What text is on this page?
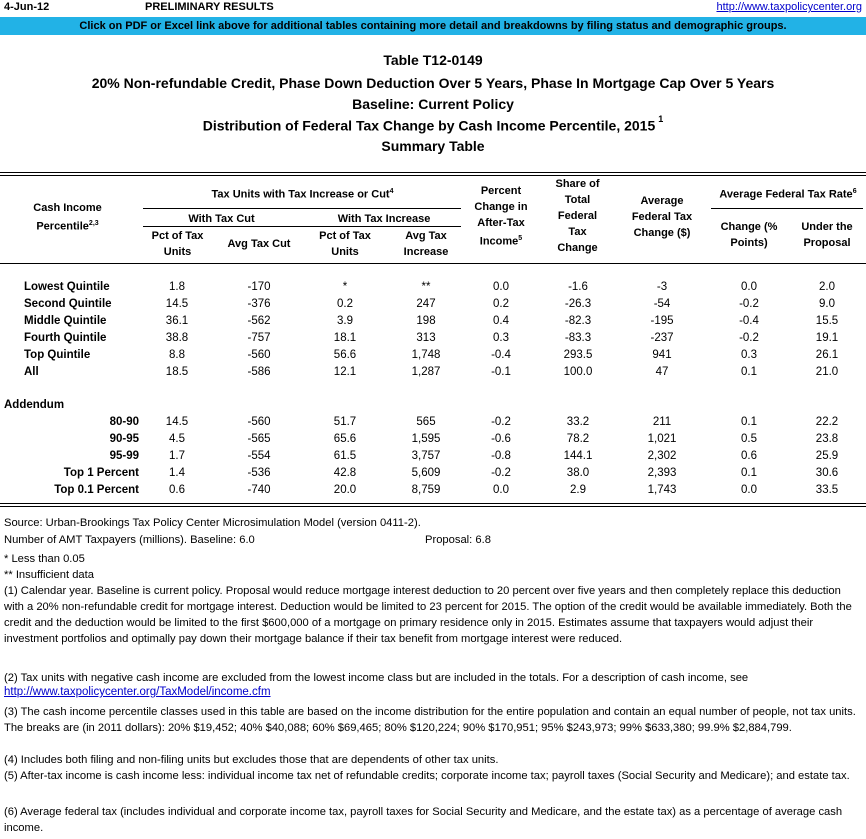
4-Jun-12	PRELIMINARY RESULTS	http://www.taxpolicycenter.org
Click on PDF or Excel link above for additional tables containing more detail and breakdowns by filing status and demographic groups.
Table T12-0149
20% Non-refundable Credit, Phase Down Deduction Over 5 Years, Phase In Mortgage Cap Over 5 Years
Baseline: Current Policy
Distribution of Federal Tax Change by Cash Income Percentile, 2015 $^1$
Summary Table
Cash Income
Percentile$^{2,3}$
Tax Units with Tax Increase or Cut$^4$
With Tax Cut	With Tax Increase
Pct of Tax
Units
Avg Tax Cut
Pct of Tax
Units
Avg Tax
Increase
Percent
Change in
After-Tax
Income$^5$
Share of
Total
Federal
Tax
Change
Average
Federal Tax
Change ($)
Average Federal Tax Rate$^6$
Change (%
Points)
Under the
Proposal
Lowest Quintile	1.8	-170	*	**	0.0	-1.6	-3	0.0	2.0
Second Quintile	14.5	-376	0.2	247	0.2	-26.3	-54	-0.2	9.0
Middle Quintile	36.1	-562	3.9	198	0.4	-82.3	-195	-0.4	15.5
Fourth Quintile	38.8	-757	18.1	313	0.3	-83.3	-237	-0.2	19.1
Top Quintile	8.8	-560	56.6	1,748	-0.4	293.5	941	0.3	26.1
All	18.5	-586	12.1	1,287	-0.1	100.0	47	0.1	21.0
80-90	14.5	-560	51.7	565	-0.2	33.2	211	0.1	22.2
90-95	4.5	-565	65.6	1,595	-0.6	78.2	1,021	0.5	23.8
95-99	1.7	-554	61.5	3,757	-0.8	144.1	2,302	0.6	25.9
Top 1 Percent	1.4	-536	42.8	5,609	-0.2	38.0	2,393	0.1	30.6
Top 0.1 Percent	0.6	-740	20.0	8,759	0.0	2.9	1,743	0.0	33.5
Addendum
Source: Urban-Brookings Tax Policy Center Microsimulation Model (version 0411-2).
Number of AMT Taxpayers (millions). Baseline: 6.0	Proposal: 6.8
* Less than 0.05
** Insufficient data
(1) Calendar year. Baseline is current policy. Proposal would reduce mortgage interest deduction to 20 percent over five years and then completely replace this deduction with a 20% non-refundable credit for mortgage interest. Deduction would be limited to 23 percent for 2015. The option of the credit would be available immediately. Both the credit and the deduction would be limited to the first $600,000 of a mortgage on primary residence only in 2015. Estimates assume that taxpayers would adjust their investment portfolios and optimally pay down their mortgage balance if their tax benefit from mortgage interest were reduced.
(2) Tax units with negative cash income are excluded from the lowest income class but are included in the totals. For a description of cash income, see
http://www.taxpolicycenter.org/TaxModel/income.cfm
(3) The cash income percentile classes used in this table are based on the income distribution for the entire population and contain an equal number of people, not tax units. The breaks are (in 2011 dollars): 20% $19,452; 40% $40,088; 60% $69,465; 80% $120,224; 90% $170,951; 95% $243,973; 99% $633,380; 99.9% $2,884,799.
(4) Includes both filing and non-filing units but excludes those that are dependents of other tax units.
(5) After-tax income is cash income less: individual income tax net of refundable credits; corporate income tax; payroll taxes (Social Security and Medicare); and estate tax.
(6) Average federal tax (includes individual and corporate income tax, payroll taxes for Social Security and Medicare, and the estate tax) as a percentage of average cash income.
